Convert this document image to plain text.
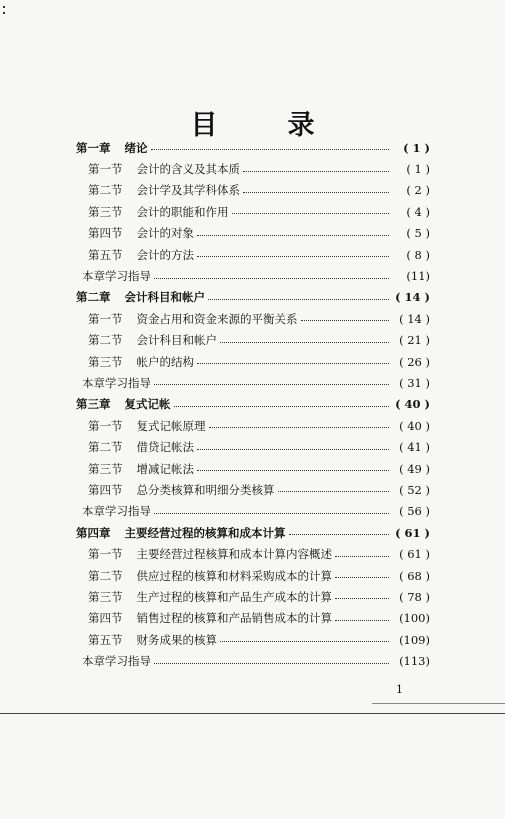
目	录
第一章 绪论	( 1 )
第一节 会计的含义及其本质	( 1 )
第二节 会计学及其学科体系	( 2 )
第三节 会计的职能和作用	( 4 )
第四节 会计的对象	( 5 )
第五节 会计的方法	( 8 )
本章学习指导	(11)
第二章 会计科目和帐户	( 14 )
第一节 资金占用和资金来源的平衡关系	( 14 )
第二节 会计科目和帐户	( 21 )
第三节 帐户的结构	( 26 )
本章学习指导	( 31 )
第三章 复式记帐	( 40 )
第一节 复式记帐原理	( 40 )
第二节 借贷记帐法	( 41 )
第三节 增减记帐法	( 49 )
第四节 总分类核算和明细分类核算	( 52 )
本章学习指导	( 56 )
第四章 主要经营过程的核算和成本计算	( 61 )
第一节 主要经营过程核算和成本计算内容概述	( 61 )
第二节 供应过程的核算和材料采购成本的计算	( 68 )
第三节 生产过程的核算和产品生产成本的计算	( 78 )
第四节 销售过程的核算和产品销售成本的计算	(100)
第五节 财务成果的核算	(109)
本章学习指导	(113)
1
